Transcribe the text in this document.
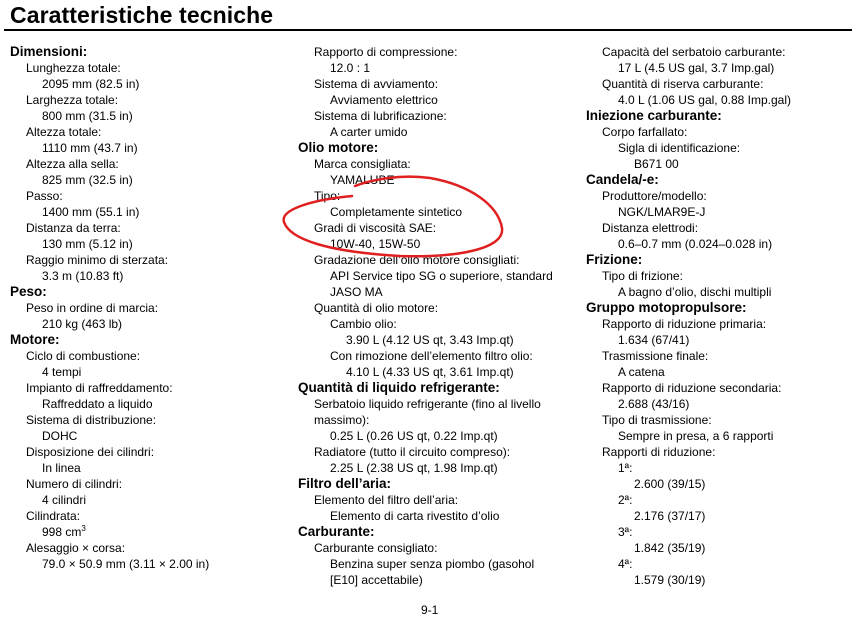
Caratteristiche tecniche
Dimensioni:
Lunghezza totale:
2095 mm (82.5 in)
Larghezza totale:
800 mm (31.5 in)
Altezza totale:
1110 mm (43.7 in)
Altezza alla sella:
825 mm (32.5 in)
Passo:
1400 mm (55.1 in)
Distanza da terra:
130 mm (5.12 in)
Raggio minimo di sterzata:
3.3 m (10.83 ft)
Peso:
Peso in ordine di marcia:
210 kg (463 lb)
Motore:
Ciclo di combustione:
4 tempi
Impianto di raffreddamento:
Raffreddato a liquido
Sistema di distribuzione:
DOHC
Disposizione dei cilindri:
In linea
Numero di cilindri:
4 cilindri
Cilindrata:
998 $cm^3$
Alesaggio × corsa:
79.0 × 50.9 mm (3.11 × 2.00 in)
Rapporto di compressione:
12.0 : 1
Sistema di avviamento:
Avviamento elettrico
Sistema di lubrificazione:
A carter umido
Olio motore:
Marca consigliata:
YAMALUBE
Tipo:
Completamente sintetico
Gradi di viscosità SAE:
10W-40, 15W-50
Gradazione dell’olio motore consigliati:
API Service tipo SG o superiore, standard
JASO MA
Quantità di olio motore:
Cambio olio:
3.90 L (4.12 US qt, 3.43 Imp.qt)
Con rimozione dell’elemento filtro olio:
4.10 L (4.33 US qt, 3.61 Imp.qt)
Quantità di liquido refrigerante:
Serbatoio liquido refrigerante (fino al livello massimo):
0.25 L (0.26 US qt, 0.22 Imp.qt)
Radiatore (tutto il circuito compreso):
2.25 L (2.38 US qt, 1.98 Imp.qt)
Filtro dell’aria:
Elemento del filtro dell’aria:
Elemento di carta rivestito d’olio
Carburante:
Carburante consigliato:
Benzina super senza piombo (gasohol
[E10] accettabile)
Capacità del serbatoio carburante:
17 L (4.5 US gal, 3.7 Imp.gal)
Quantità di riserva carburante:
4.0 L (1.06 US gal, 0.88 Imp.gal)
Iniezione carburante:
Corpo farfallato:
Sigla di identificazione:
B671 00
Candela/-e:
Produttore/modello:
NGK/LMAR9E-J
Distanza elettrodi:
0.6–0.7 mm (0.024–0.028 in)
Frizione:
Tipo di frizione:
A bagno d’olio, dischi multipli
Gruppo motopropulsore:
Rapporto di riduzione primaria:
1.634 (67/41)
Trasmissione finale:
A catena
Rapporto di riduzione secondaria:
2.688 (43/16)
Tipo di trasmissione:
Sempre in presa, a 6 rapporti
Rapporti di riduzione:
1ª:
2.600 (39/15)
2ª:
2.176 (37/17)
3ª:
1.842 (35/19)
4ª:
1.579 (30/19)
9-1
